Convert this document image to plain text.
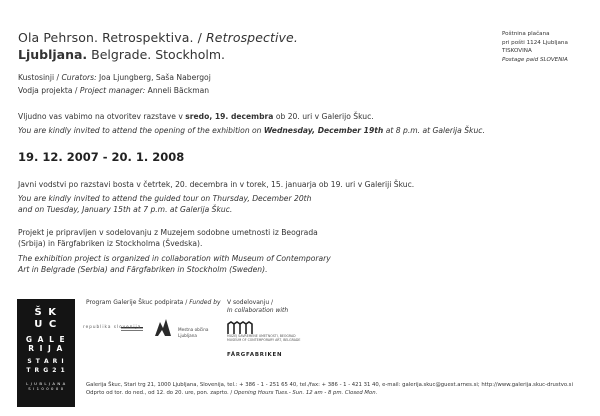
Ola Pehrson. Retrospektiva. / Retrospective.
Ljubljana. Belgrade. Stockholm.
Kustosinji / Curators: Joa Ljungberg, Saša Nabergoj
Vodja projekta / Project manager: Anneli Bäckman
Vljudno vas vabimo na otvoritev razstave v sredo, 19. decembra ob 20. uri v Galerijo Škuc.
You are kindly invited to attend the opening of the exhibition on Wednesday, December 19th at 8 p.m. at Galerija Škuc.
19. 12. 2007 - 20. 1. 2008
Javni vodstvi po razstavi bosta v četrtek, 20. decembra in v torek, 15. januarja ob 19. uri v Galeriji Škuc.
You are kindly invited to attend the guided tour on Thursday, December 20th and on Tuesday, January 15th at 7 p.m. at Galerija Škuc.
Projekt je pripravljen v sodelovanju z Muzejem sodobne umetnosti iz Beograda (Srbija) in Färgfabriken iz Stockholma (Švedska).
The exhibition project is organized in collaboration with Museum of Contemporary Art in Belgrade (Serbia) and Färgfabriken in Stockholm (Sweden).
Poštnina plačana
pri pošti 1124 Ljubljana
TISKOVINA
Postage paid SLOVENIA
Š K
U C
G A L E
R I J A
S T A R I
T R G 2 1
L J U B L J A N A
S I 1 0 0 0 0 0
Program Galerije Škuc podpirata / Funded by
republika slovenija
Mestna občina
Ljubljana
V sodelovanju /
In collaboration with
MUZEJ SAVREMENE UMETNOSTI, BEOGRAD
MUSEUM OF CONTEMPORARY ART, BELGRADE
FÄRGFABRIKEN
Galerija Škuc, Stari trg 21, 1000 Ljubljana, Slovenija, tel.: + 386 - 1 - 251 65 40, tel./fax: + 386 - 1 - 421 31 40, e-mail: galerija.skuc@guest.arnes.si; http://www.galerija.skuc-drustvo.si
Odprto od tor. do ned., od 12. do 20. ure, pon. zaprto. / Opening Hours Tues.- Sun. 12 am - 8 pm. Closed Mon.
